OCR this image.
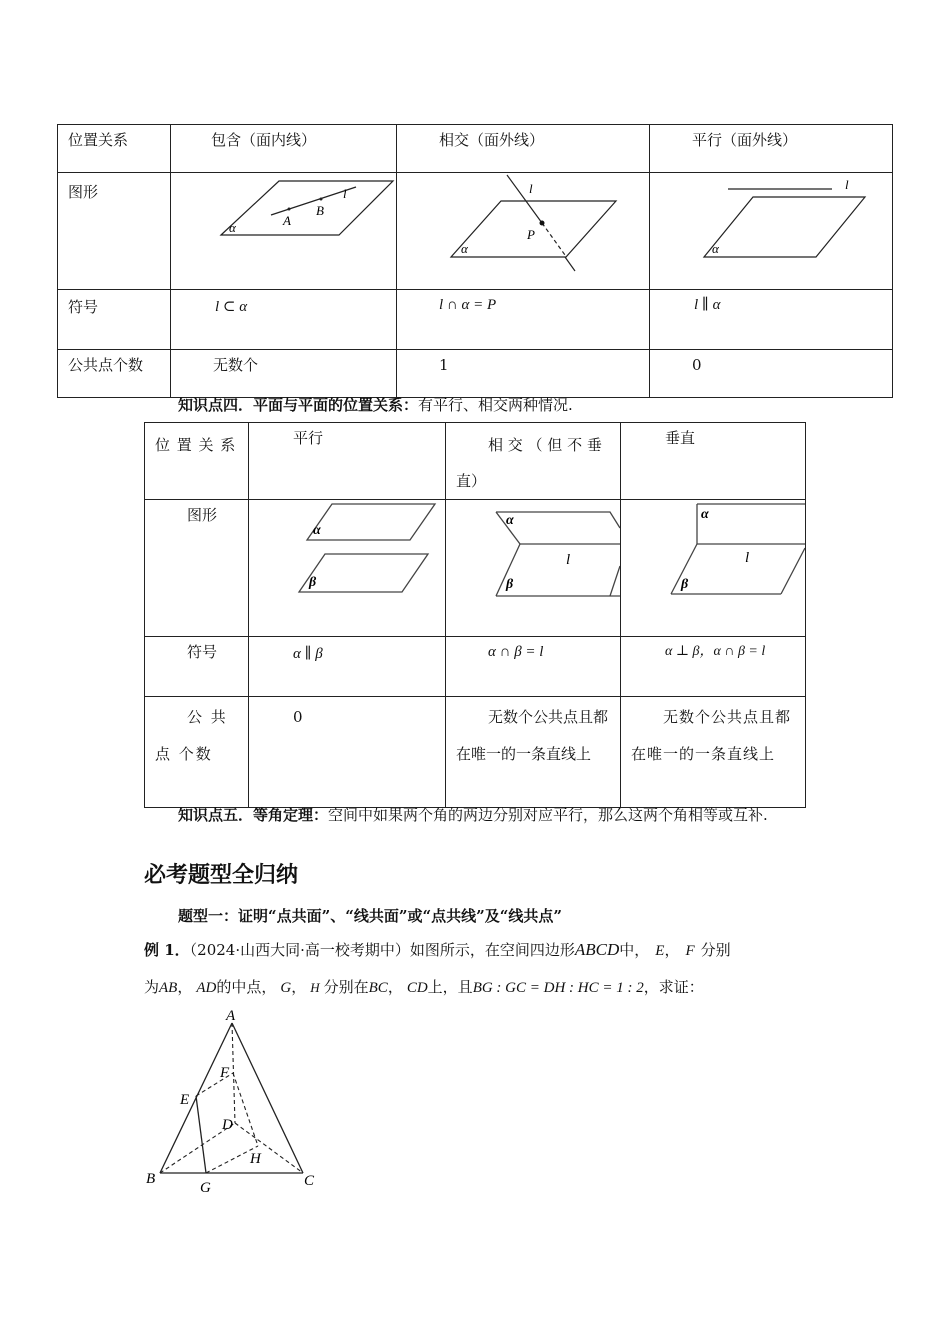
位置关系	包含（面内线）	相交（面外线）	平行（面外线）

图形	α A
B
l	l
P
α	l
α

符号	l ⊂ α	l ∩ α = P	l ∥ α

公共点个数	无数个	1	0
知识点四．平面与平面的位置关系：有平行、相交两种情况.
位 置 关 系	平行	相 交 （ 但 不 垂 直）	垂直

图形	α
β	α
l
β	α
l
β

符号	α ∥ β	α ∩ β = l	α ⊥ β，α ∩ β = l

公 共 点 个数	0	无数个公共点且都在唯一的一条直线上	无数个公共点且都在唯一的一条直线上
知识点五．等角定理：空间中如果两个角的两边分别对应平行，那么这两个角相等或互补.
必考题型全归纳
题型一：证明“点共面”、“线共面”或“点共线”及“线共点”
例 1．（2024·山西大同·高一校考期中）如图所示，在空间四边形ABCD中， E， F 分别
为AB， AD的中点， G， H 分别在BC， CD上，且BG : GC = DH : HC = 1 : 2，求证：
A
B	C
D
E
F
G
H
